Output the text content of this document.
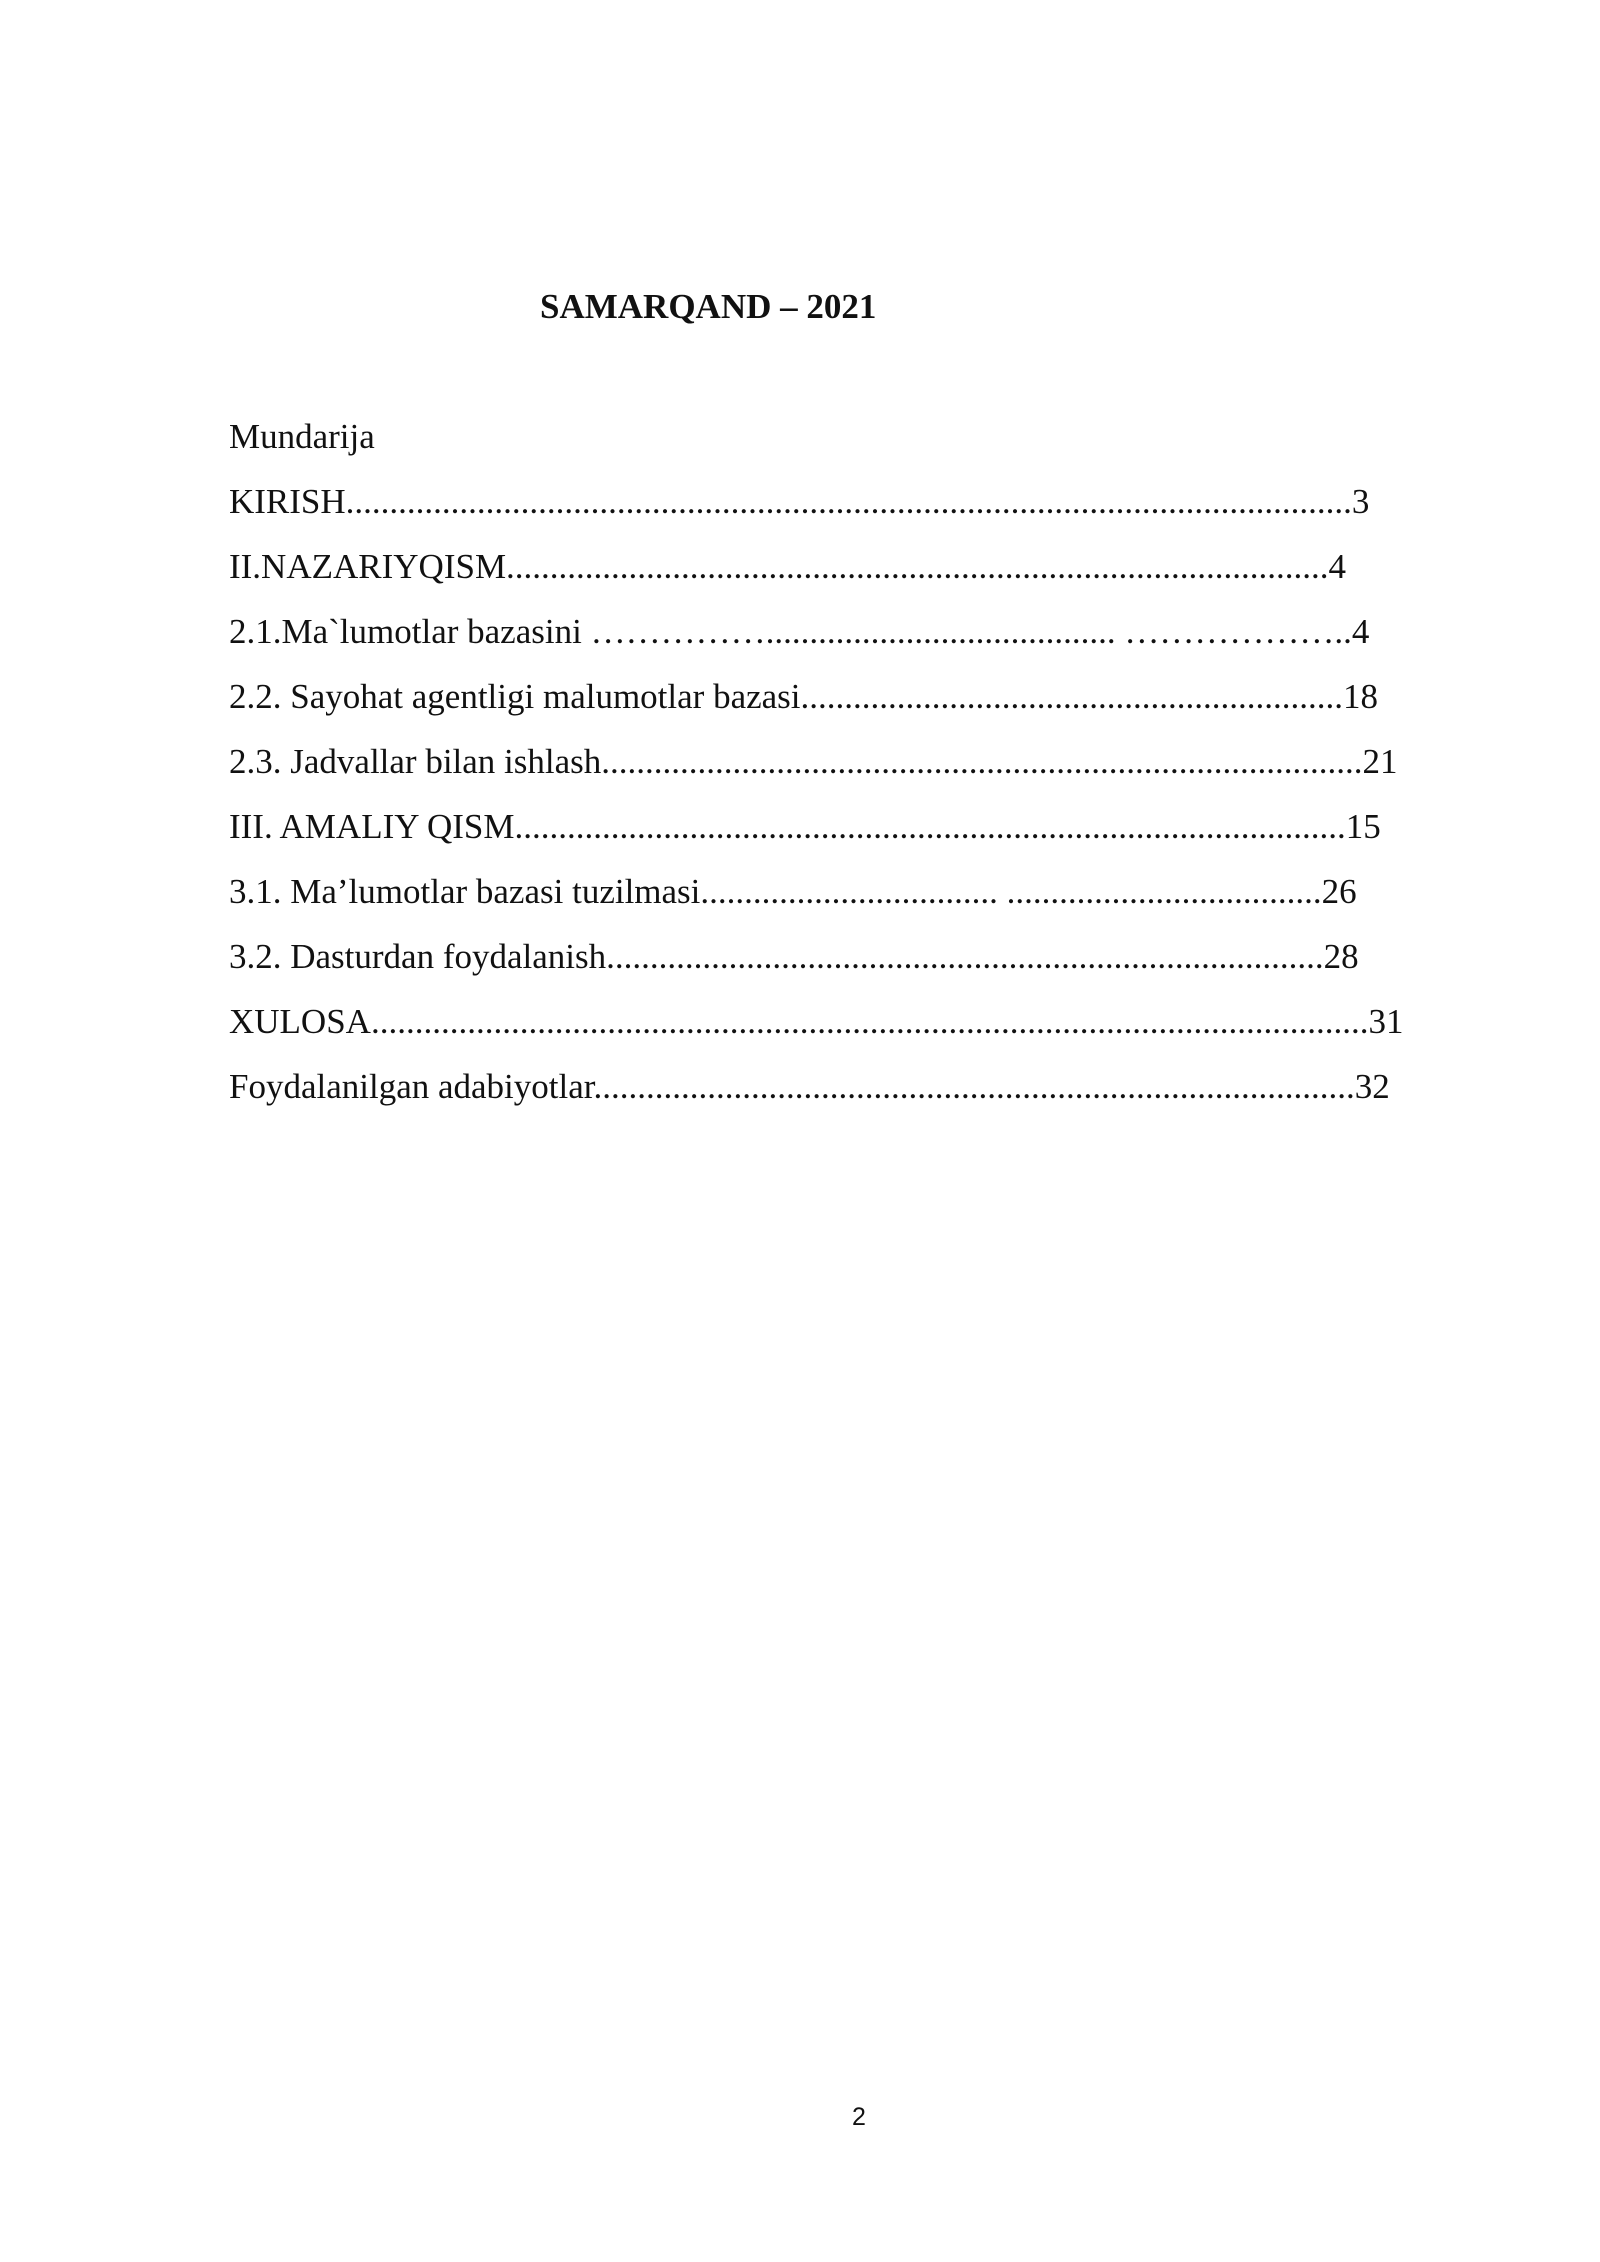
SAMARQAND – 2021
Mundarija
KIRISH...................................................................................................................3
II.NAZARIYQISM..............................................................................................4
2.1.Ma`lumotlar bazasini ……………........................................ ………………..4
2.2. Sayohat agentligi malumotlar bazasi..............................................................18
2.3. Jadvallar bilan ishlash.......................................................................................21
III. AMALIY QISM...............................................................................................15
3.1. Ma’lumotlar bazasi tuzilmasi.................................. ....................................26
3.2. Dasturdan foydalanish..................................................................................28
XULOSA..................................................................................................................31
Foydalanilgan adabiyotlar.......................................................................................32
2
